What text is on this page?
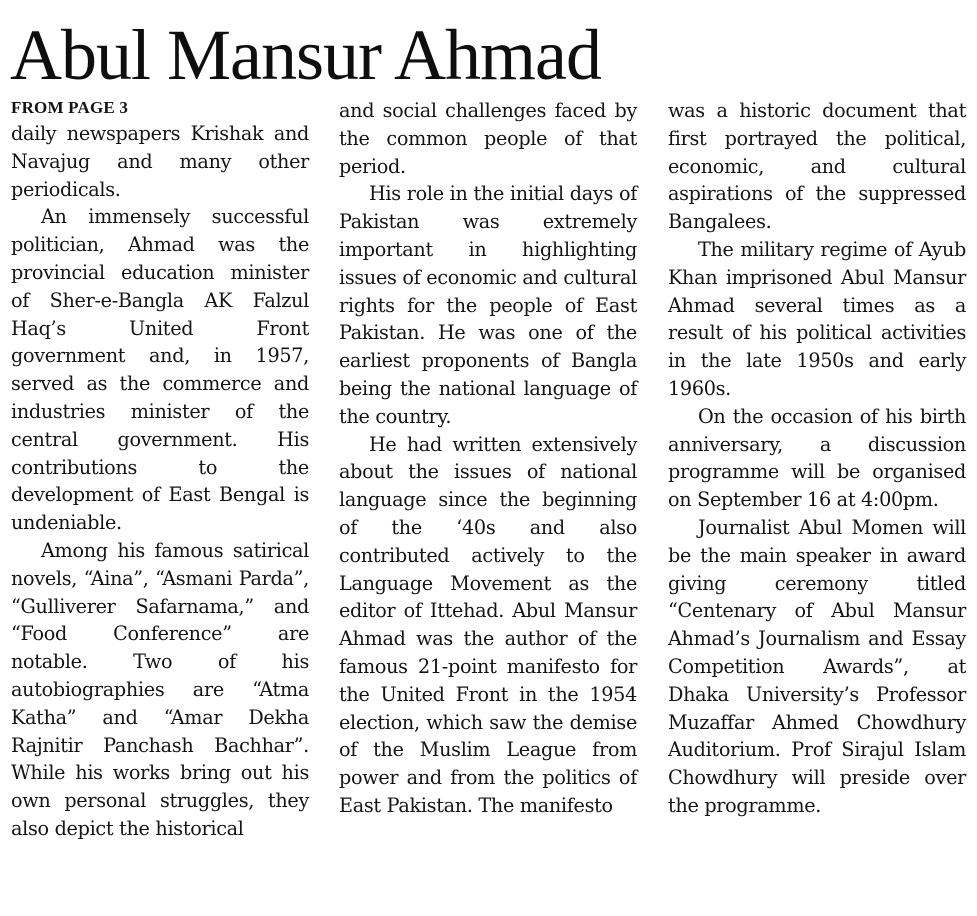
Abul Mansur Ahmad
FROM PAGE 3

daily newspapers Krishak and Navajug and many other periodicals.

An immensely successful politician, Ahmad was the provincial education minister of Sher-e-Bangla AK Falzul Haq’s United Front government and, in 1957, served as the commerce and industries minister of the central government. His contributions to the development of East Bengal is undeniable.

Among his famous satirical novels, “Aina”, “Asmani Parda”, “Gulliverer Safarnama,” and “Food Conference” are notable. Two of his autobiographies are “Atma Katha” and “Amar Dekha Rajnitir Panchash Bachhar”. While his works bring out his own personal struggles, they also depict the historical

and social challenges faced by the common people of that period.

His role in the initial days of Pakistan was extremely important in highlighting issues of economic and cultural rights for the people of East Pakistan. He was one of the earliest proponents of Bangla being the national language of the country.

He had written extensively about the issues of national language since the beginning of the ‘40s and also contributed actively to the Language Movement as the editor of Ittehad. Abul Mansur Ahmad was the author of the famous 21-point manifesto for the United Front in the 1954 election, which saw the demise of the Muslim League from power and from the politics of East Pakistan. The manifesto

was a historic document that first portrayed the political, economic, and cultural aspirations of the suppressed Bangalees.

The military regime of Ayub Khan imprisoned Abul Mansur Ahmad several times as a result of his political activities in the late 1950s and early 1960s.

On the occasion of his birth anniversary, a discussion programme will be organised on September 16 at 4:00pm.

Journalist Abul Momen will be the main speaker in award giving ceremony titled “Centenary of Abul Mansur Ahmad’s Journalism and Essay Competition Awards”, at Dhaka University’s Professor Muzaffar Ahmed Chowdhury Auditorium. Prof Sirajul Islam Chowdhury will preside over the programme.
